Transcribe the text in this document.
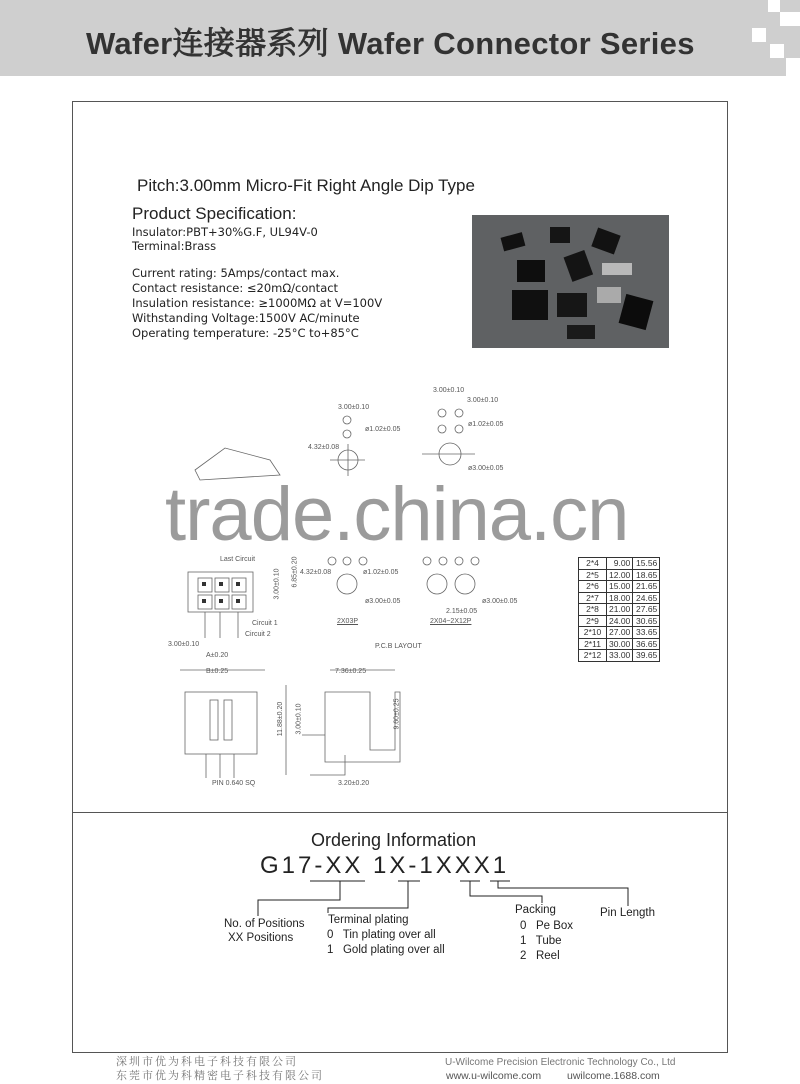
Wafer连接器系列 Wafer Connector Series
Pitch:3.00mm Micro-Fit Right Angle Dip Type
Product Specification:
Insulator:PBT+30%G.F, UL94V-0
Terminal:Brass
Current rating: 5Amps/contact max.
Contact resistance: ≤20mΩ/contact
Insulation resistance: ≥1000MΩ at V=100V
Withstanding Voltage:1500V AC/minute
Operating temperature: -25°C to+85°C
3.00±0.10
ø1.02±0.05
4.32±0.08
3.00±0.10
3.00±0.10
ø1.02±0.05
ø3.00±0.05
Last Circuit
Circuit 1
Circuit 2
3.00±0.10 6.85±0.20
3.00±0.10
A±0.20
4.32±0.08	ø1.02±0.05
ø3.00±0.05
2.15±0.05
ø3.00±0.05
2X03P	2X04~2X12P
P.C.B LAYOUT
B±0.25
PIN 0.640 SQ
7.36±0.25
11.88±0.20 3.00±0.10	9.60±0.25
3.20±0.20
2*4	9.00	15.56
2*5	12.00	18.65
2*6	15.00	21.65
2*7	18.00	24.65
2*8	21.00	27.65
2*9	24.00	30.65
2*10	27.00	33.65
2*11	30.00	36.65
2*12	33.00	39.65
trade.china.cn
Ordering Information
G17-XX 1X-1XXX1
No. of Positions
XX Positions
Terminal plating
0   Tin plating over all
1   Gold plating over all
Packing
0   Pe Box
1   Tube
2   Reel
Pin Length
深圳市优为科电子科技有限公司
东莞市优为科精密电子科技有限公司
U-Wilcome Precision Electronic Technology Co., Ltd
www.u-wilcome.com uwilcome.1688.com
